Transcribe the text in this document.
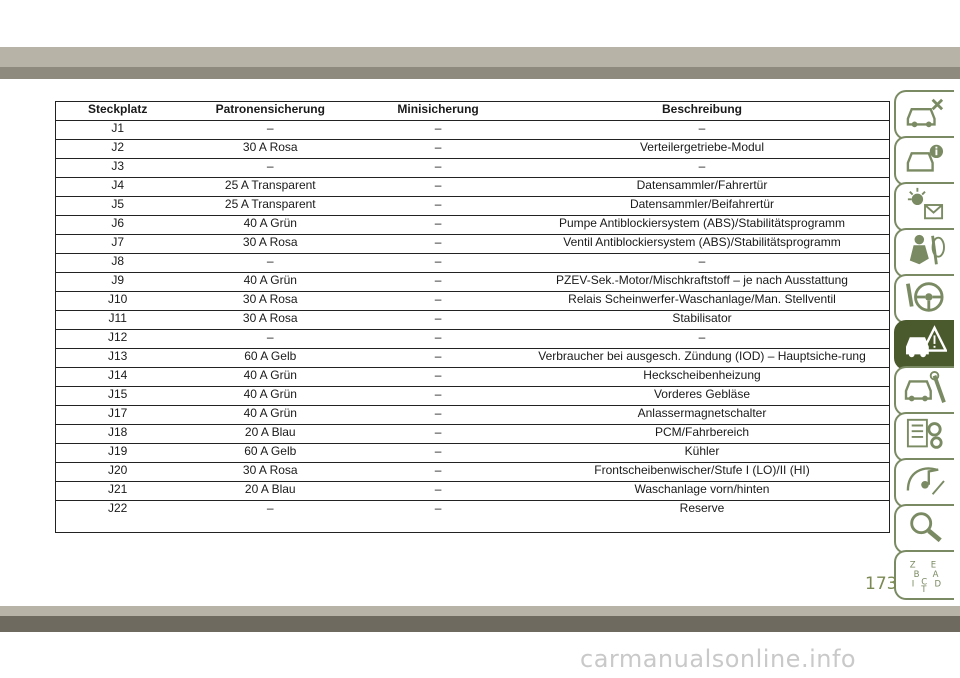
Steckplatz	Patronensicherung	Minisicherung	Beschreibung
J1	–	–	–
J2	30 A Rosa	–	Verteilergetriebe-Modul
J3	–	–	–
J4	25 A Transparent	–	Datensammler/Fahrertür
J5	25 A Transparent	–	Datensammler/Beifahrertür
J6	40 A Grün	–	Pumpe Antiblockiersystem (ABS)/Stabilitätsprogramm
J7	30 A Rosa	–	Ventil Antiblockiersystem (ABS)/Stabilitätsprogramm
J8	–	–	–
J9	40 A Grün	–	PZEV-Sek.-Motor/Mischkraftstoff – je nach Ausstattung
J10	30 A Rosa	–	Relais Scheinwerfer-Waschanlage/Man. Stellventil
J11	30 A Rosa	–	Stabilisator
J12	–	–	–
J13	60 A Gelb	–	Verbraucher bei ausgesch. Zündung (IOD) – Hauptsiche-rung
J14	40 A Grün	–	Heckscheibenheizung
J15	40 A Grün	–	Vorderes Gebläse
J17	40 A Grün	–	Anlassermagnetschalter
J18	20 A Blau	–	PCM/Fahrbereich
J19	60 A Gelb	–	Kühler
J20	30 A Rosa	–	Frontscheibenwischer/Stufe I (LO)/II (HI)
J21	20 A Blau	–	Waschanlage vorn/hinten
J22	–	–	Reserve
Z E
B A
I C
T
D
173
carmanualsonline.info
